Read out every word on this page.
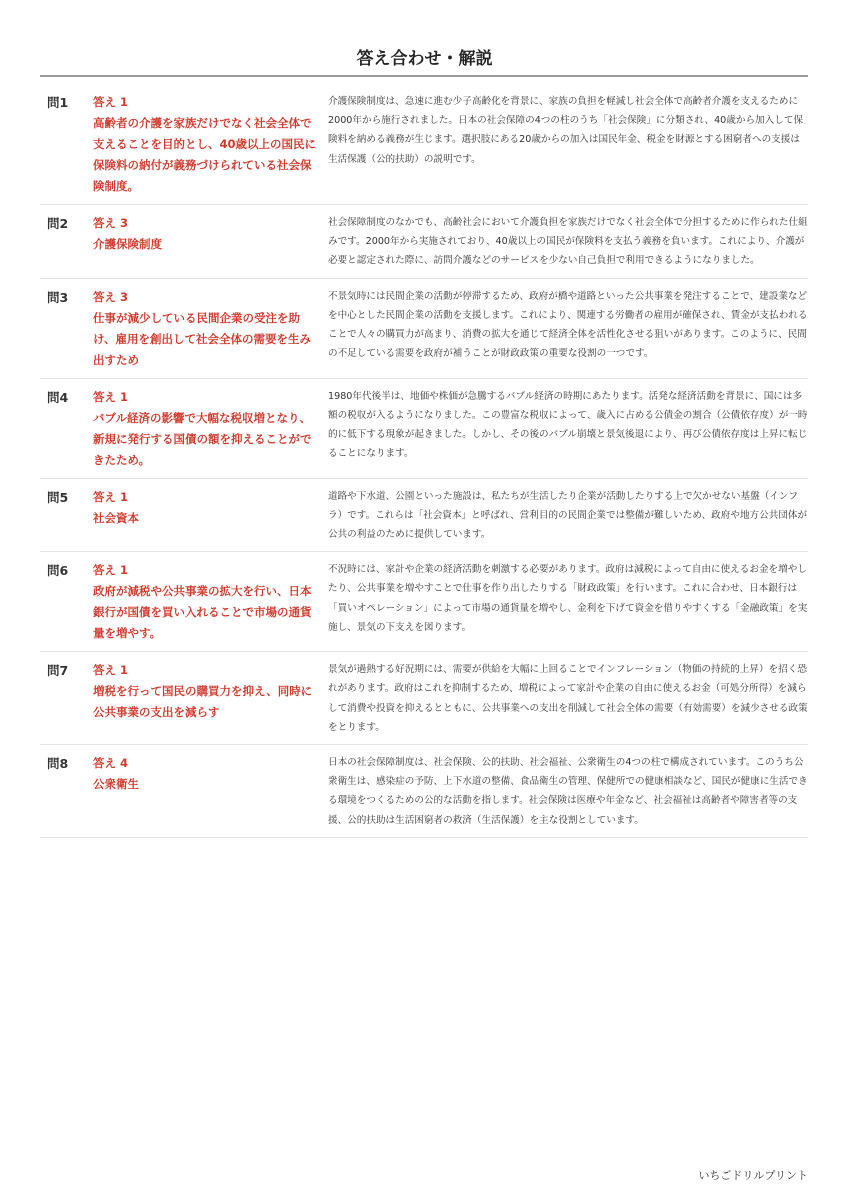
答え合わせ・解説
問1	答え 1
高齢者の介護を家族だけでなく社会全体で支えることを目的とし、40歳以上の国民に保険料の納付が義務づけられている社会保険制度。
介護保険制度は、急速に進む少子高齢化を背景に、家族の負担を軽減し社会全体で高齢者介護を支えるために2000年から施行されました。日本の社会保障の4つの柱のうち「社会保険」に分類され、40歳から加入して保険料を納める義務が生じます。選択肢にある20歳からの加入は国民年金、税金を財源とする困窮者への支援は生活保護（公的扶助）の説明です。
問2	答え 3
介護保険制度
社会保障制度のなかでも、高齢社会において介護負担を家族だけでなく社会全体で分担するために作られた仕組みです。2000年から実施されており、40歳以上の国民が保険料を支払う義務を負います。これにより、介護が必要と認定された際に、訪問介護などのサービスを少ない自己負担で利用できるようになりました。
問3	答え 3
仕事が減少している民間企業の受注を助け、雇用を創出して社会全体の需要を生み出すため
不景気時には民間企業の活動が停滞するため、政府が橋や道路といった公共事業を発注することで、建設業などを中心とした民間企業の活動を支援します。これにより、関連する労働者の雇用が確保され、賃金が支払われることで人々の購買力が高まり、消費の拡大を通じて経済全体を活性化させる狙いがあります。このように、民間の不足している需要を政府が補うことが財政政策の重要な役割の一つです。
問4	答え 1
バブル経済の影響で大幅な税収増となり、新規に発行する国債の額を抑えることができたため。
1980年代後半は、地価や株価が急騰するバブル経済の時期にあたります。活発な経済活動を背景に、国には多額の税収が入るようになりました。この豊富な税収によって、歳入に占める公債金の割合（公債依存度）が一時的に低下する現象が起きました。しかし、その後のバブル崩壊と景気後退により、再び公債依存度は上昇に転じることになります。
問5	答え 1
社会資本
道路や下水道、公園といった施設は、私たちが生活したり企業が活動したりする上で欠かせない基盤（インフラ）です。これらは「社会資本」と呼ばれ、営利目的の民間企業では整備が難しいため、政府や地方公共団体が公共の利益のために提供しています。
問6	答え 1
政府が減税や公共事業の拡大を行い、日本銀行が国債を買い入れることで市場の通貨量を増やす。
不況時には、家計や企業の経済活動を刺激する必要があります。政府は減税によって自由に使えるお金を増やしたり、公共事業を増やすことで仕事を作り出したりする「財政政策」を行います。これに合わせ、日本銀行は「買いオペレーション」によって市場の通貨量を増やし、金利を下げて資金を借りやすくする「金融政策」を実施し、景気の下支えを図ります。
問7	答え 1
増税を行って国民の購買力を抑え、同時に公共事業の支出を減らす
景気が過熱する好況期には、需要が供給を大幅に上回ることでインフレーション（物価の持続的上昇）を招く恐れがあります。政府はこれを抑制するため、増税によって家計や企業の自由に使えるお金（可処分所得）を減らして消費や投資を抑えるとともに、公共事業への支出を削減して社会全体の需要（有効需要）を減少させる政策をとります。
問8	答え 4
公衆衛生
日本の社会保障制度は、社会保険、公的扶助、社会福祉、公衆衛生の4つの柱で構成されています。このうち公衆衛生は、感染症の予防、上下水道の整備、食品衛生の管理、保健所での健康相談など、国民が健康に生活できる環境をつくるための公的な活動を指します。社会保険は医療や年金など、社会福祉は高齢者や障害者等の支援、公的扶助は生活困窮者の救済（生活保護）を主な役割としています。
いちごドリルプリント
